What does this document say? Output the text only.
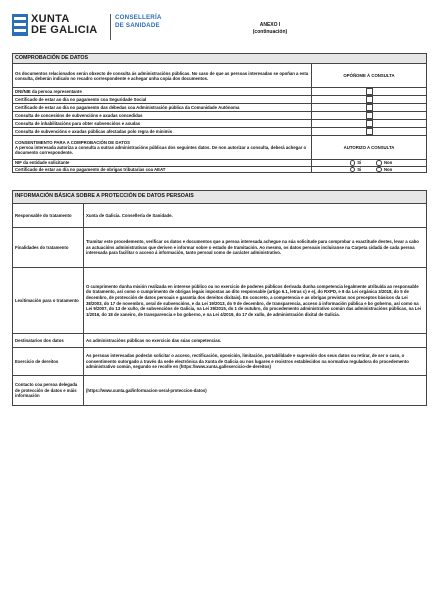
XUNTA
DE GALICIA
CONSELLERÍA
DE SANIDADE	ANEXO I
(continuación)
COMPROBACIÓN DE DATOS	
Os documentos relacionados serán obxecto de consulta ás administracións públicas. No caso de que as persoas interesadas se opoñan a esta consulta, deberán indicalo no recadro correspondente e achegar unha copia dos documentos.	OPÓÑOME Á CONSULTA
DNI/NIE da persoa representante	
Certificado de estar ao día no pagamento coa Seguridade Social	
Certificado de estar ao día no pagamento das débedas coa Administración pública da Comunidade Autónoma	
Consulta de concesións de subvencións e axudas concedidas	
Consulta de inhabilitacións para obter subvencións e axudas	
Consulta de subvencións e axudas públicas afectadas polo regra de minimis	

CONSENTIMENTO PARA A COMPROBACIÓN DE DATOS
A persoa interesada autoriza a consulta a outras administracións públicas dos seguintes datos. De non autorizar a consulta, deberá achegar o documento correspondente.	AUTORIZO A CONSULTA
NIF da entidade solicitante	Si Non
Certificado de estar ao día no pagamento de obrigas tributarias coa AEAT	Si Non
INFORMACIÓN BÁSICA SOBRE A PROTECCIÓN DE DATOS PERSOAIS	
Responsable do tratamento	Xunta de Galicia. Consellería de Sanidade.
Finalidades do tratamento	Tramitar este procedemento, verificar os datos e documentos que a persoa interesada achegue na súa solicitude para comprobar a exactitude destes, levar a cabo as actuacións administrativas que deriven e informar sobre o estado de tramitación. Ao mesmo, os datos persoais incluiranse na Carpeta cidadá de cada persoa interesada para facilitar o acceso á información, tanto persoal como de carácter administrativo.
Lexitimación para o tratamento	O cumprimento dunha misión realizada en interese público ou no exercicio de poderes públicos derivada dunha competencia legalmente atribuída ao responsable do tratamento, así como o cumprimento de obrigas legais impostas ao dito responsable (artigo 6.1, letras c) e e), do RXPD, e 8 da Lei orgánica 3/2018, do 5 de decembro, de protección de datos persoais e garantía dos dereitos dixitais). En concreto, a competencia e as obrigas previstas nos preceptos básicos da Lei 38/2003, do 17 de novembro, xeral de subvencións, e da Lei 19/2013, do 9 de decembro, de transparencia, acceso á información pública e bo goberno, así como na Lei 9/2007, do 13 de xuño, de subvencións de Galicia, na Lei 39/2015, do 1 de outubro, do procedemento administrativo común das administracións públicas, na Lei 1/2016, do 18 de xaneiro, de transparencia e bo goberno, e na Lei 4/2019, do 17 de xullo, de administración dixital de Galicia.
Destinatarios dos datos	As administracións públicas no exercicio das súas competencias.
Exercicio de dereitos	As persoas interesadas poderán solicitar o acceso, rectificación, oposición, limitación, portabilidade e supresión dos seus datos ou retirar, de ser o caso, o consentimento outorgado a través da sede electrónica da Xunta de Galicia ou nos lugares e rexistros establecidos na normativa reguladora do procedemento administrativo común, segundo se recolle en (https://www.xunta.gal/exercicio-de-dereitos)
Contacto coa persoa delegada de protección de datos e máis información	(https://www.xunta.gal/informacion-xeral-proteccion-datos)
